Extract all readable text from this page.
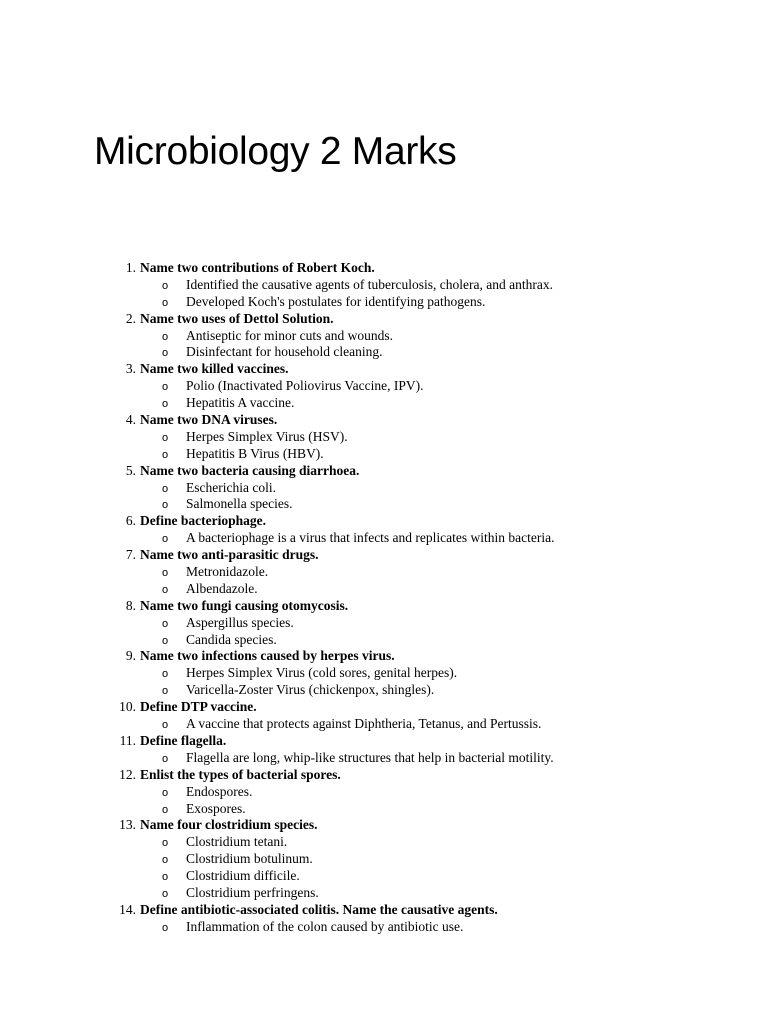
Microbiology 2 Marks
1. Name two contributions of Robert Koch.
o Identified the causative agents of tuberculosis, cholera, and anthrax.
o Developed Koch's postulates for identifying pathogens.
2. Name two uses of Dettol Solution.
o Antiseptic for minor cuts and wounds.
o Disinfectant for household cleaning.
3. Name two killed vaccines.
o Polio (Inactivated Poliovirus Vaccine, IPV).
o Hepatitis A vaccine.
4. Name two DNA viruses.
o Herpes Simplex Virus (HSV).
o Hepatitis B Virus (HBV).
5. Name two bacteria causing diarrhoea.
o Escherichia coli.
o Salmonella species.
6. Define bacteriophage.
o A bacteriophage is a virus that infects and replicates within bacteria.
7. Name two anti-parasitic drugs.
o Metronidazole.
o Albendazole.
8. Name two fungi causing otomycosis.
o Aspergillus species.
o Candida species.
9. Name two infections caused by herpes virus.
o Herpes Simplex Virus (cold sores, genital herpes).
o Varicella-Zoster Virus (chickenpox, shingles).
10. Define DTP vaccine.
o A vaccine that protects against Diphtheria, Tetanus, and Pertussis.
11. Define flagella.
o Flagella are long, whip-like structures that help in bacterial motility.
12. Enlist the types of bacterial spores.
o Endospores.
o Exospores.
13. Name four clostridium species.
o Clostridium tetani.
o Clostridium botulinum.
o Clostridium difficile.
o Clostridium perfringens.
14. Define antibiotic-associated colitis. Name the causative agents.
o Inflammation of the colon caused by antibiotic use.
